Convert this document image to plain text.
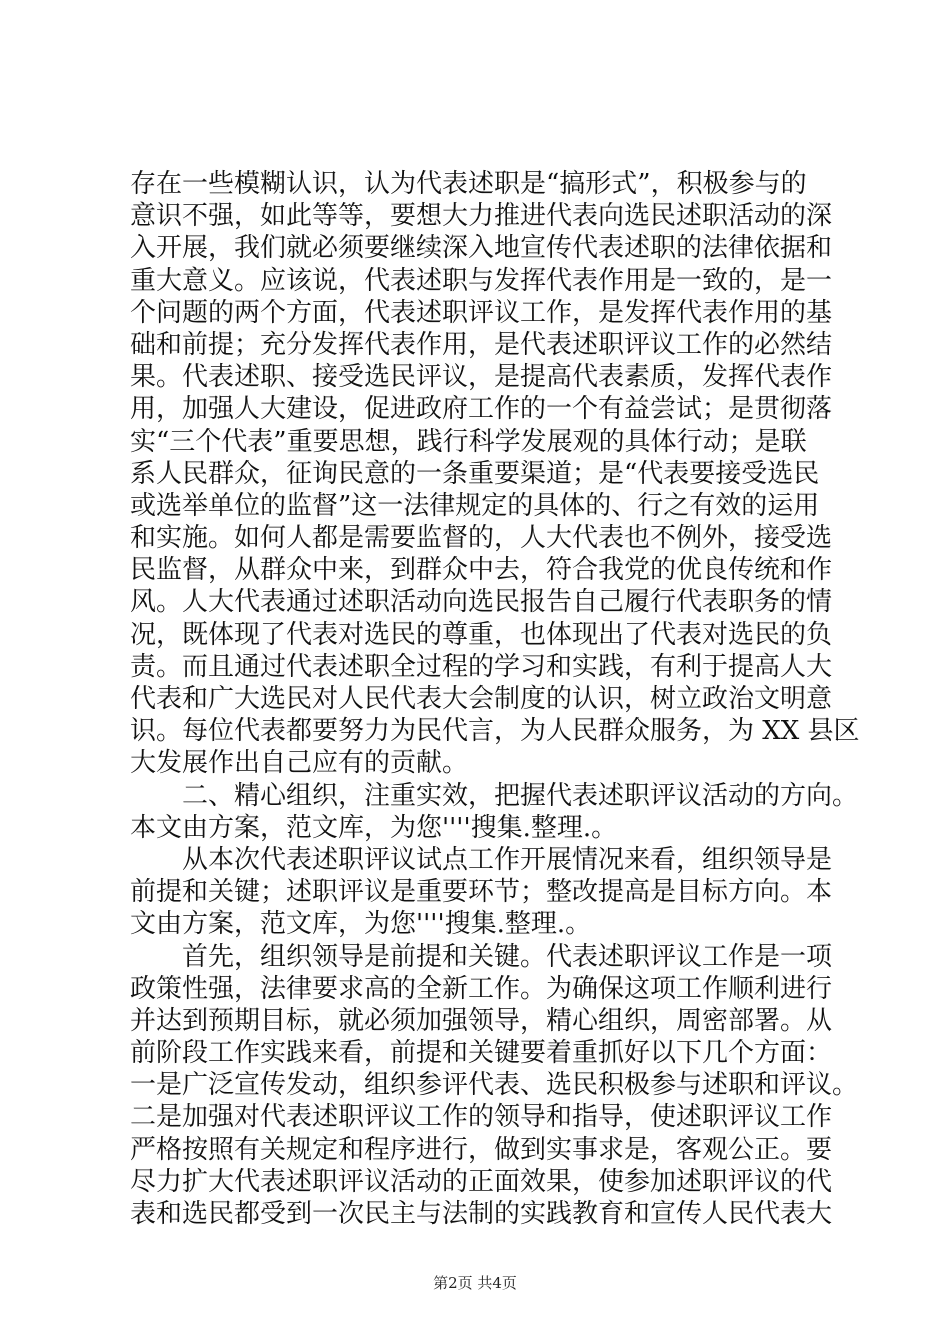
存在一些模糊认识，认为代表述职是“搞形式”，积极参与的
意识不强，如此等等，要想大力推进代表向选民述职活动的深
入开展，我们就必须要继续深入地宣传代表述职的法律依据和
重大意义。应该说，代表述职与发挥代表作用是一致的，是一
个问题的两个方面，代表述职评议工作，是发挥代表作用的基
础和前提；充分发挥代表作用，是代表述职评议工作的必然结
果。代表述职、接受选民评议，是提高代表素质，发挥代表作
用，加强人大建设，促进政府工作的一个有益尝试；是贯彻落
实“三个代表”重要思想，践行科学发展观的具体行动；是联
系人民群众，征询民意的一条重要渠道；是“代表要接受选民
或选举单位的监督”这一法律规定的具体的、行之有效的运用
和实施。如何人都是需要监督的，人大代表也不例外，接受选
民监督，从群众中来，到群众中去，符合我党的优良传统和作
风。人大代表通过述职活动向选民报告自己履行代表职务的情
况，既体现了代表对选民的尊重，也体现出了代表对选民的负
责。而且通过代表述职全过程的学习和实践，有利于提高人大
代表和广大选民对人民代表大会制度的认识，树立政治文明意
识。每位代表都要努力为民代言，为人民群众服务，为 XX 县区
大发展作出自己应有的贡献。
　　二、精心组织，注重实效，把握代表述职评议活动的方向。
本文由方案，范文库，为您''''搜集.整理.。
　　从本次代表述职评议试点工作开展情况来看，组织领导是
前提和关键；述职评议是重要环节；整改提高是目标方向。本
文由方案，范文库，为您''''搜集.整理.。
　　首先，组织领导是前提和关键。代表述职评议工作是一项
政策性强，法律要求高的全新工作。为确保这项工作顺利进行
并达到预期目标，就必须加强领导，精心组织，周密部署。从
前阶段工作实践来看，前提和关键要着重抓好以下几个方面：
一是广泛宣传发动，组织参评代表、选民积极参与述职和评议。
二是加强对代表述职评议工作的领导和指导，使述职评议工作
严格按照有关规定和程序进行，做到实事求是，客观公正。要
尽力扩大代表述职评议活动的正面效果，使参加述职评议的代
表和选民都受到一次民主与法制的实践教育和宣传人民代表大
第2页 共4页
